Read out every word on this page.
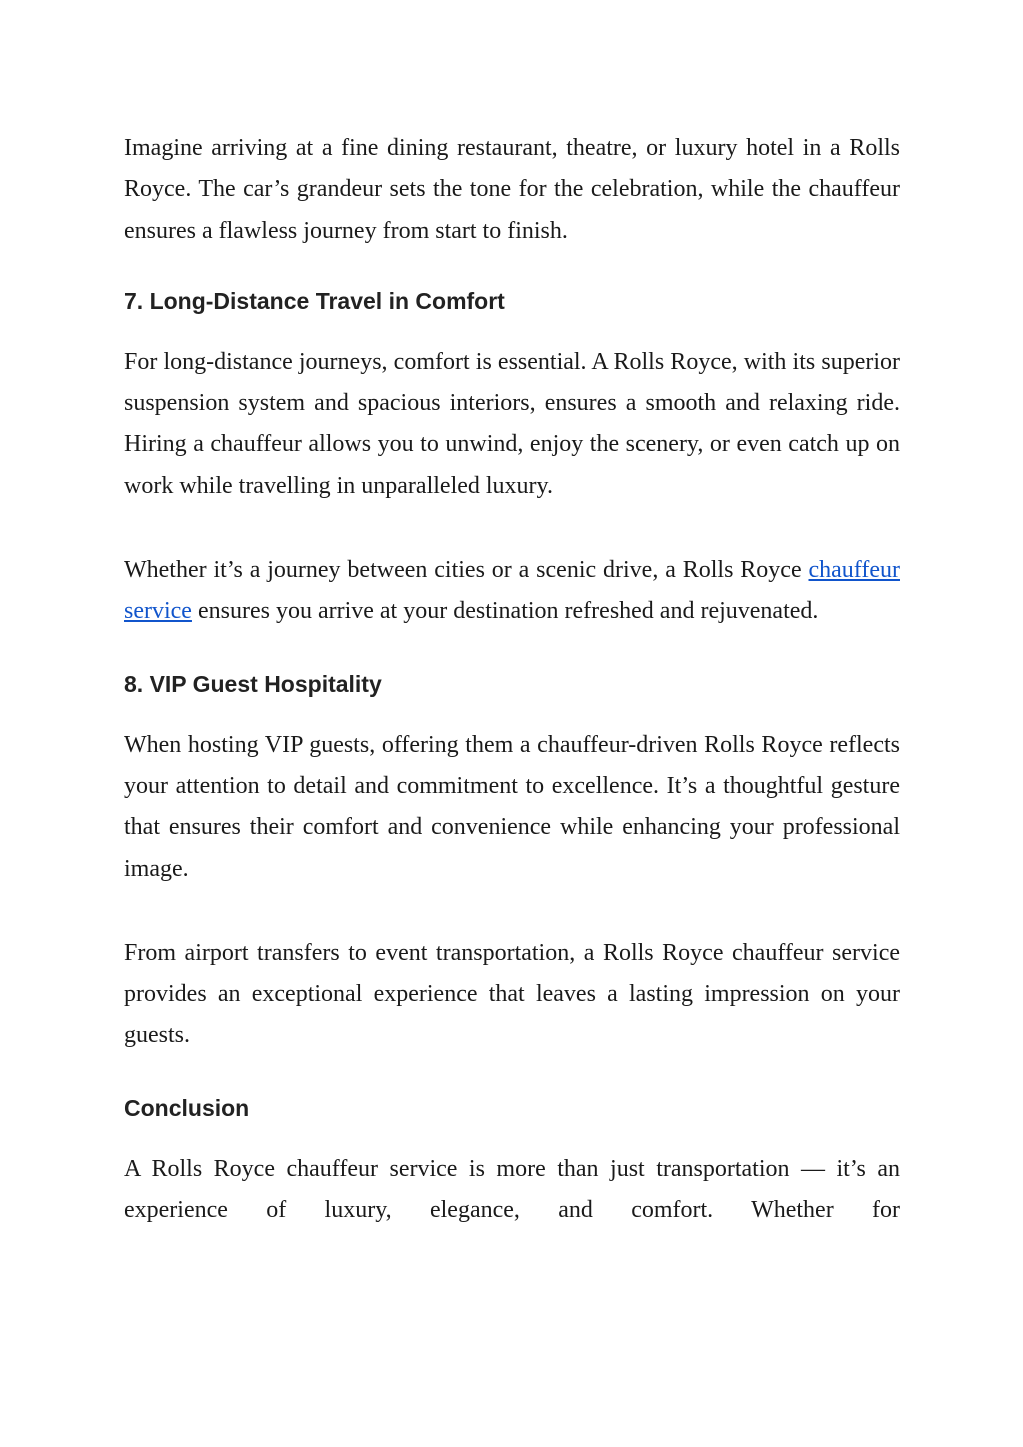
Imagine arriving at a fine dining restaurant, theatre, or luxury hotel in a Rolls Royce. The car’s grandeur sets the tone for the celebration, while the chauffeur ensures a flawless journey from start to finish.

7. Long-Distance Travel in Comfort

For long-distance journeys, comfort is essential. A Rolls Royce, with its superior suspension system and spacious interiors, ensures a smooth and relaxing ride. Hiring a chauffeur allows you to unwind, enjoy the scenery, or even catch up on work while travelling in unparalleled luxury.

Whether it’s a journey between cities or a scenic drive, a Rolls Royce chauffeur service ensures you arrive at your destination refreshed and rejuvenated.

8. VIP Guest Hospitality

When hosting VIP guests, offering them a chauffeur-driven Rolls Royce reflects your attention to detail and commitment to excellence. It’s a thoughtful gesture that ensures their comfort and convenience while enhancing your professional image.

From airport transfers to event transportation, a Rolls Royce chauffeur service provides an exceptional experience that leaves a lasting impression on your guests.

Conclusion

A Rolls Royce chauffeur service is more than just transportation — it’s an experience of luxury, elegance, and comfort. Whether for
